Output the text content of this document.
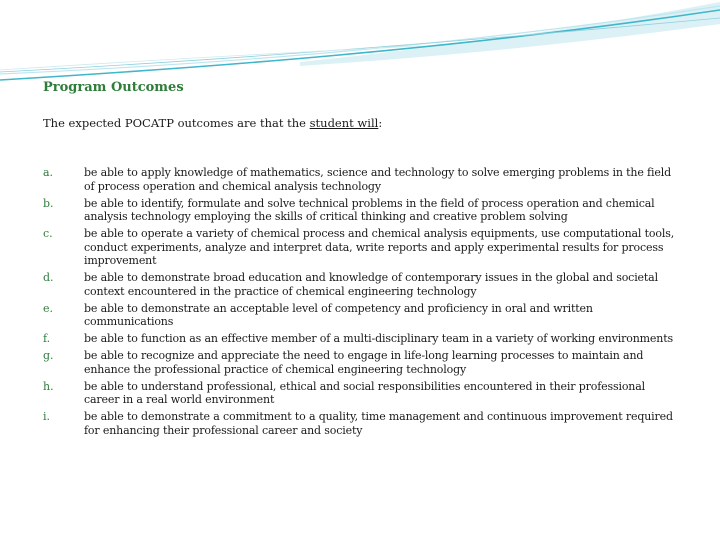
Program Outcomes
The expected POCATP outcomes are that the student will:
a.	be able to apply knowledge of mathematics, science and technology to solve emerging problems in the field of process operation and chemical analysis technology
b.	be able to identify, formulate and solve technical problems in the field of process operation and chemical analysis technology employing the skills of critical thinking and creative problem solving
c.	be able to operate a variety of chemical process and chemical analysis equipments, use computational tools, conduct experiments, analyze and interpret data, write reports and apply experimental results for process improvement
d.	be able to demonstrate broad education and knowledge of contemporary issues in the global and societal context encountered in the practice of chemical engineering technology
e.	be able to demonstrate an acceptable level of competency and proficiency in oral and written communications
f.	be able to function as an effective member of a multi-disciplinary team in a variety of working environments
g.	be able to recognize and appreciate the need to engage in life-long learning processes to maintain and enhance the professional practice of chemical engineering technology
h.	be able to understand professional, ethical and social responsibilities encountered in their professional career in a real world environment
i.	be able to demonstrate a commitment to a quality, time management and continuous improvement required for enhancing their professional career and society
